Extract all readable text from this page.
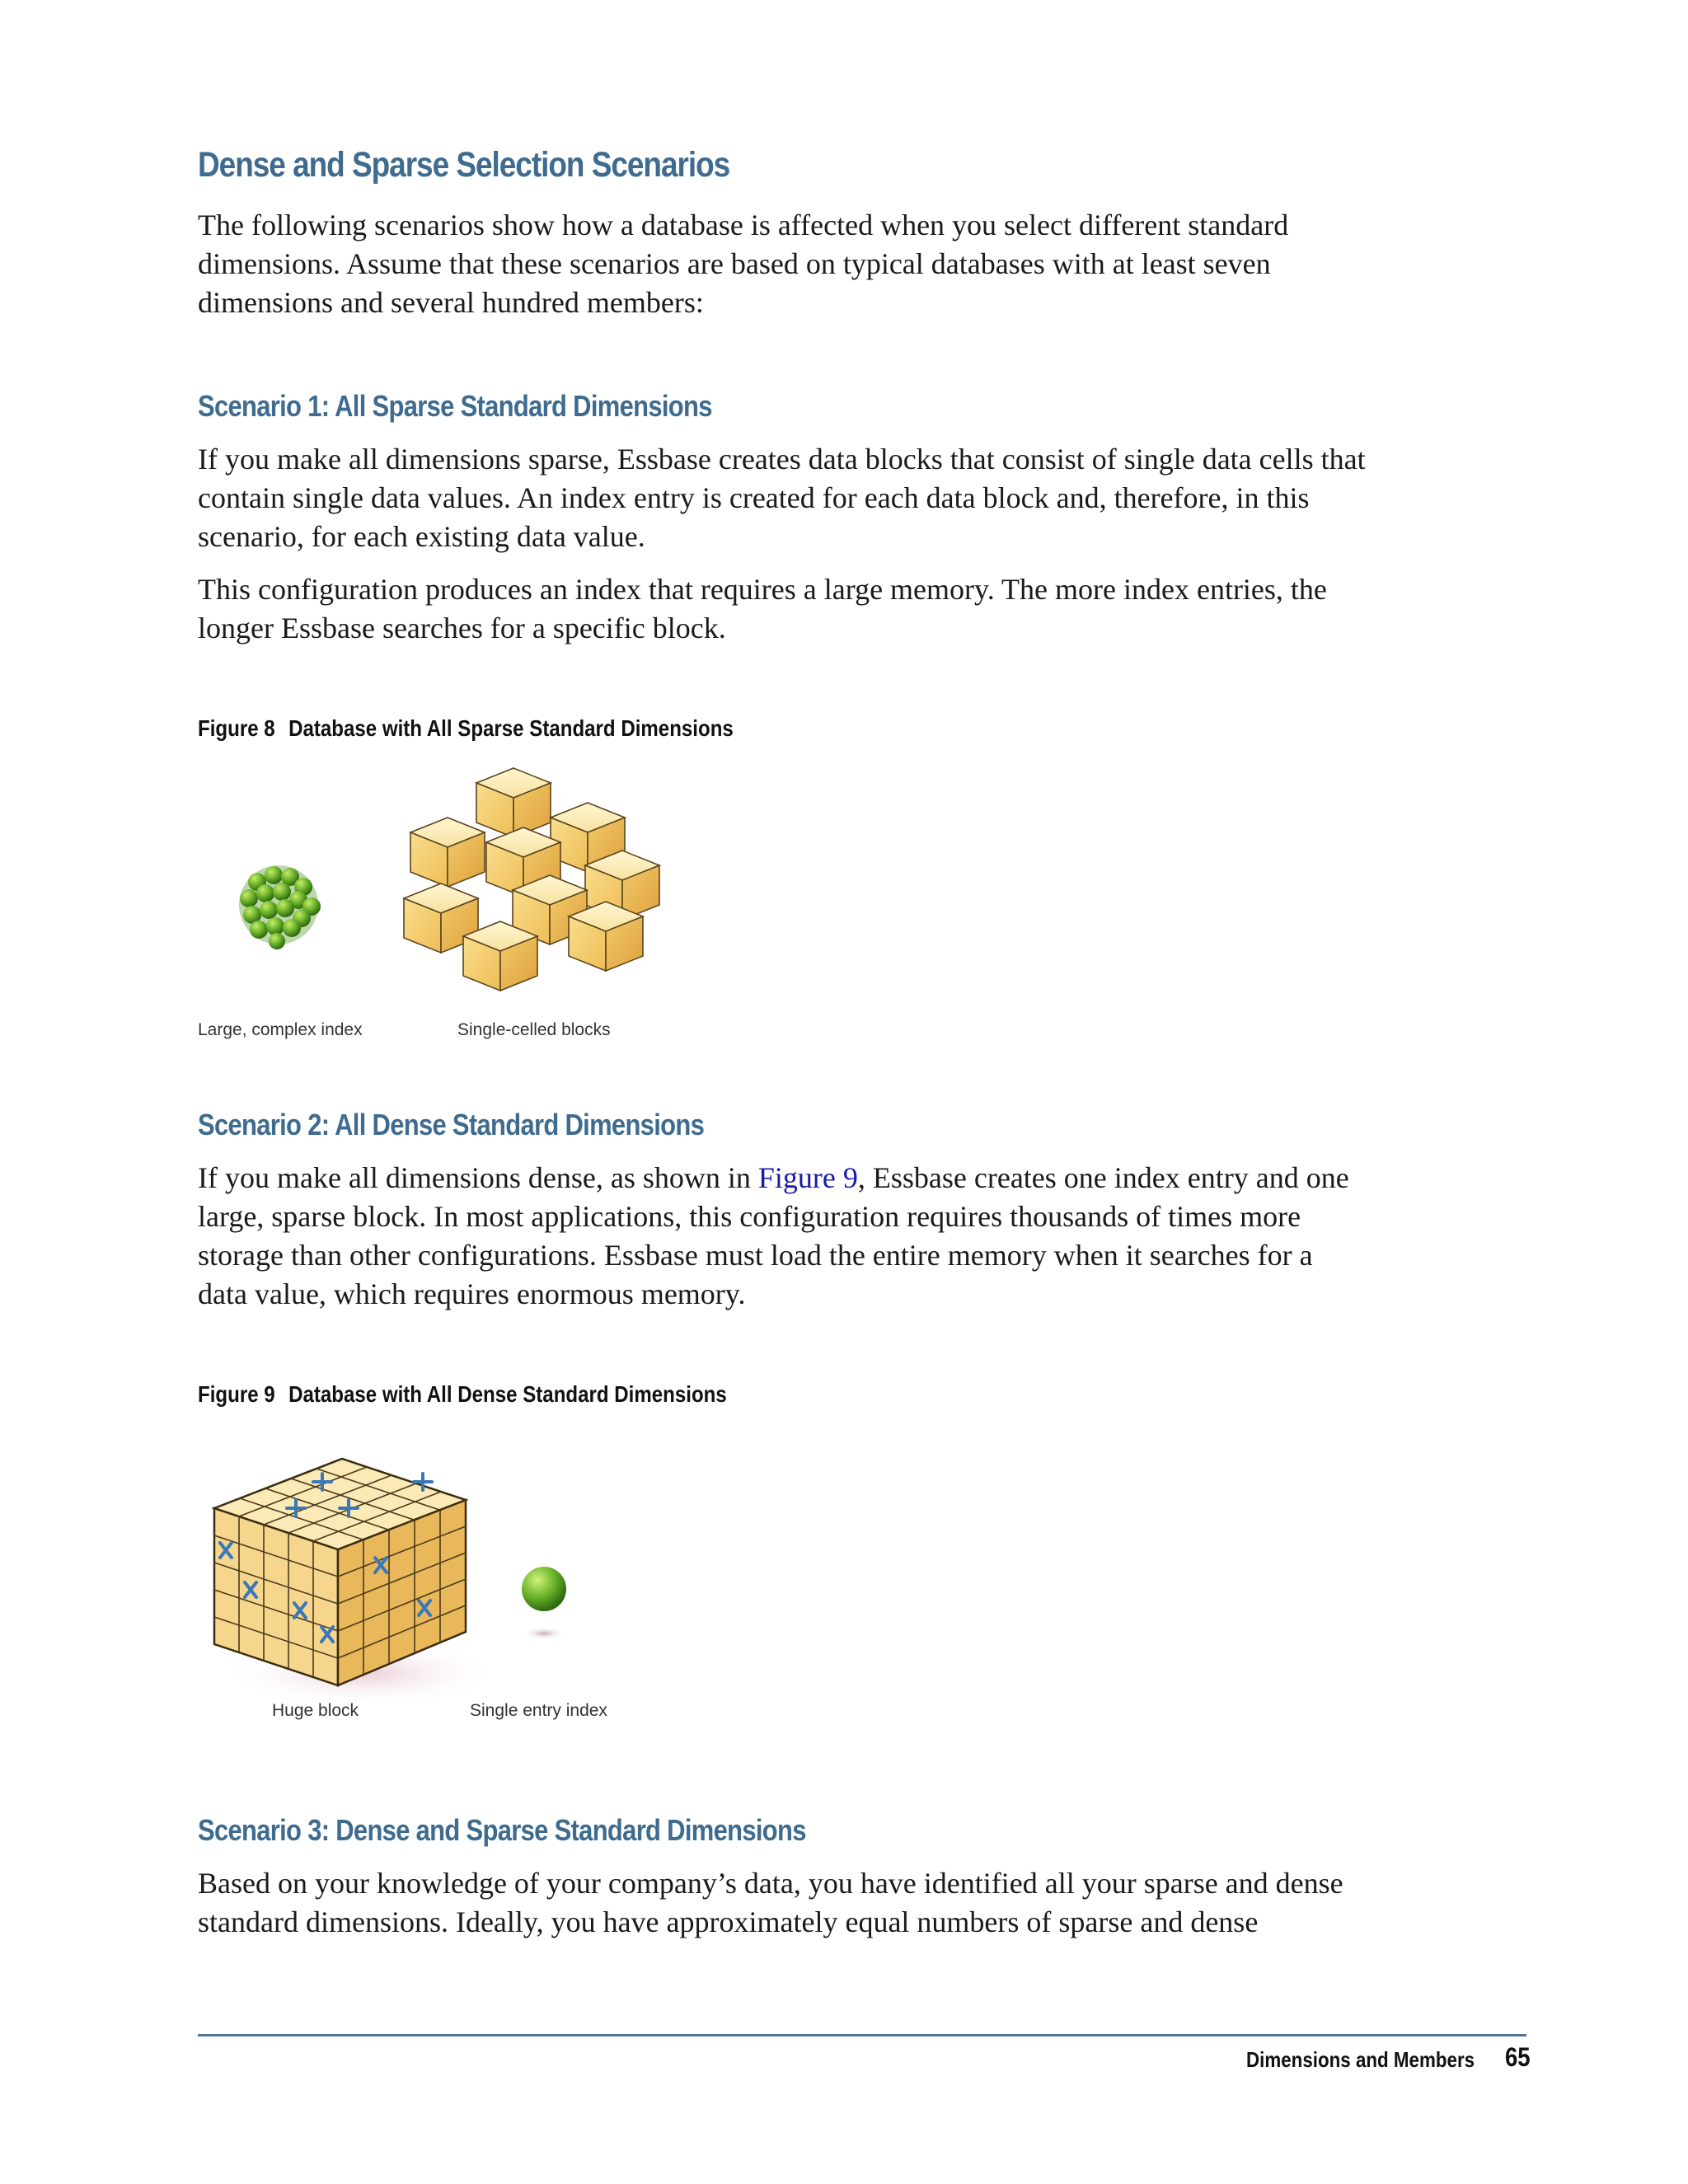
Dense and Sparse Selection Scenarios

The following scenarios show how a database is affected when you select different standard dimensions. Assume that these scenarios are based on typical databases with at least seven dimensions and several hundred members:

Scenario 1: All Sparse Standard Dimensions

If you make all dimensions sparse, Essbase creates data blocks that consist of single data cells that contain single data values. An index entry is created for each data block and, therefore, in this scenario, for each existing data value.

This configuration produces an index that requires a large memory. The more index entries, the longer Essbase searches for a specific block.

Figure 8 Database with All Sparse Standard Dimensions
Large, complex index	Single-celled blocks
Scenario 2: All Dense Standard Dimensions

If you make all dimensions dense, as shown in Figure 9, Essbase creates one index entry and one large, sparse block. In most applications, this configuration requires thousands of times more storage than other configurations. Essbase must load the entire memory when it searches for a data value, which requires enormous memory.

Figure 9 Database with All Dense Standard Dimensions
Huge block	Single entry index
Scenario 3: Dense and Sparse Standard Dimensions

Based on your knowledge of your company’s data, you have identified all your sparse and dense standard dimensions. Ideally, you have approximately equal numbers of sparse and dense

Dimensions and Members 65
